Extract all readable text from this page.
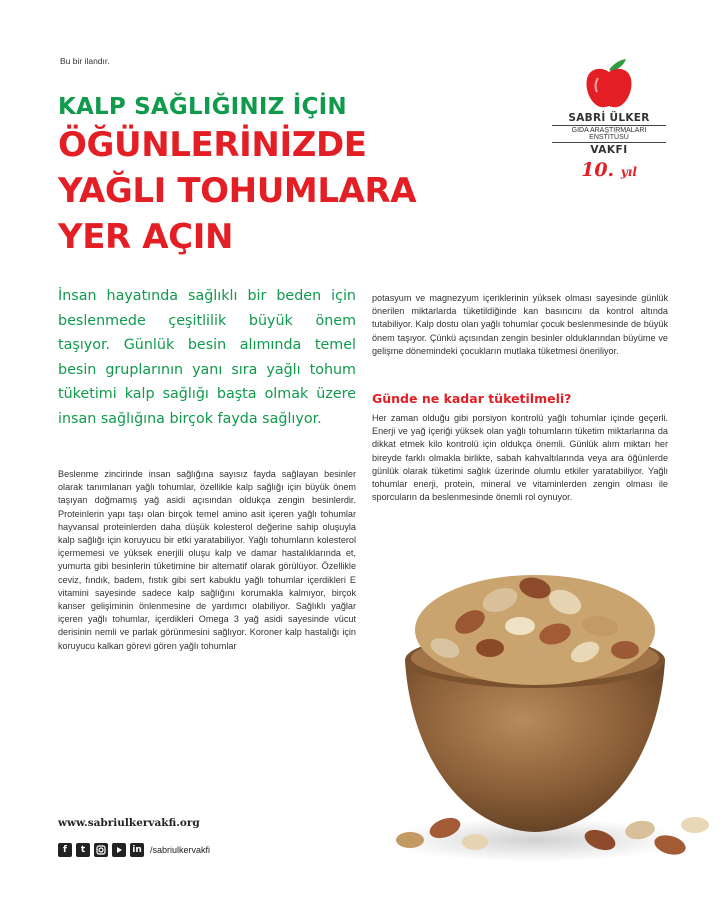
Bu bir ilandır.
KALP SAĞLIĞINIZ İÇİN
ÖĞÜNLERİNİZDE
YAĞLI TOHUMLARA
YER AÇIN
SABRİ ÜLKER
GIDA ARAŞTIRMALARI ENSTİTÜSÜ
VAKFI
10. yıl

İnsan hayatında sağlıklı bir beden için beslenmede çeşitlilik büyük önem taşıyor. Günlük besin alımında temel besin gruplarının yanı sıra yağlı tohum tüketimi kalp sağlığı başta olmak üzere insan sağlığına birçok fayda sağlıyor.

Beslenme zincirinde insan sağlığına sayısız fayda sağlayan besinler olarak tanımlanan yağlı tohumlar, özellikle kalp sağlığı için büyük önem taşıyan doğmamış yağ asidi açısından oldukça zengin besinlerdir. Proteinlerin yapı taşı olan birçok temel amino asit içeren yağlı tohumlar hayvansal proteinlerden daha düşük kolesterol değerine sahip oluşuyla kalp sağlığı için koruyucu bir etki yaratabiliyor. Yağlı tohumların kolesterol içermemesi ve yüksek enerjili oluşu kalp ve damar hastalıklarında et, yumurta gibi besinlerin tüketimine bir alternatif olarak görülüyor. Özellikle ceviz, fındık, badem, fıstık gibi sert kabuklu yağlı tohumlar içerdikleri E vitamini sayesinde sadece kalp sağlığını korumakla kalmıyor, birçok kanser gelişiminin önlenmesine de yardımcı olabiliyor. Sağlıklı yağlar içeren yağlı tohumlar, içerdikleri Omega 3 yağ asidi sayesinde vücut derisinin nemli ve parlak görünmesini sağlıyor. Koroner kalp hastalığı için koruyucu kalkan görevi gören yağlı tohumlar

potasyum ve magnezyum içeriklerinin yüksek olması sayesinde günlük önerilen miktarlarda tüketildiğinde kan basıncını da kontrol altında tutabiliyor. Kalp dostu olan yağlı tohumlar çocuk beslenmesinde de büyük önem taşıyor. Çünkü açısından zengin besinler olduklarından büyüme ve gelişme dönemindeki çocukların mutlaka tüketmesi öneriliyor.

Günde ne kadar tüketilmeli?

Her zaman olduğu gibi porsiyon kontrolü yağlı tohumlar içinde geçerli. Enerji ve yağ içeriği yüksek olan yağlı tohumların tüketim miktarlarına da dikkat etmek kilo kontrolü için oldukça önemli. Günlük alım miktarı her bireyde farklı olmakla birlikte, sabah kahvaltılarında veya ara öğünlerde günlük olarak tüketimi sağlık üzerinde olumlu etkiler yaratabiliyor. Yağlı tohumlar enerji, protein, mineral ve vitaminlerden zengin olması ile sporcuların da beslenmesinde önemli rol oynuyor.

www.sabriulkervakfi.org
f	t	in /sabriulkervakfi
